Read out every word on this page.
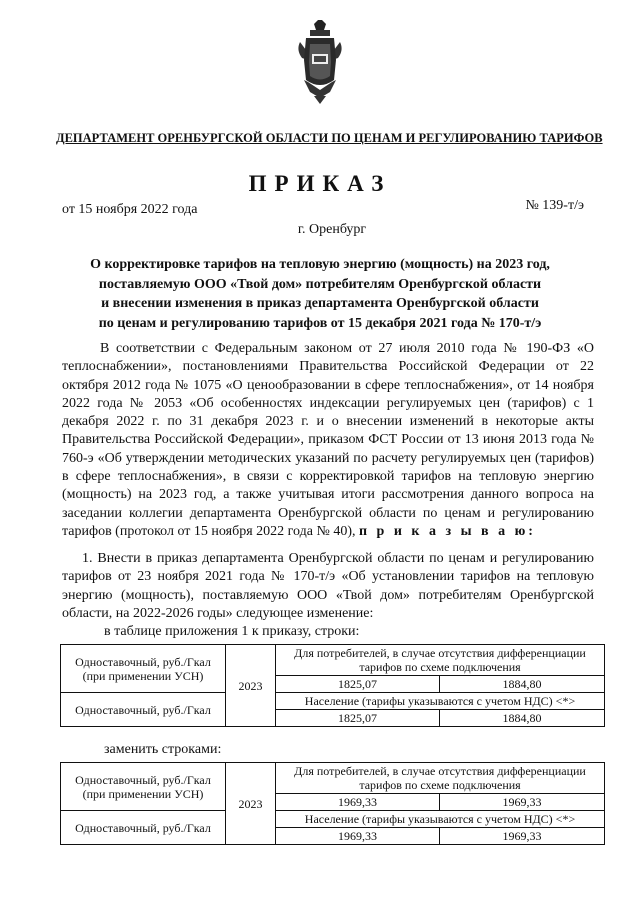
ДЕПАРТАМЕНТ ОРЕНБУРГСКОЙ ОБЛАСТИ ПО ЦЕНАМ И РЕГУЛИРОВАНИЮ ТАРИФОВ
ПРИКАЗ
от 15 ноября 2022 года	№ 139-т/э
г. Оренбург
О корректировке тарифов на тепловую энергию (мощность) на 2023 год,
поставляемую ООО «Твой дом» потребителям Оренбургской области
и внесении изменения в приказ департамента Оренбургской области
по ценам и регулированию тарифов от 15 декабря 2021 года № 170-т/э
В соответствии с Федеральным законом от 27 июля 2010 года № 190-ФЗ «О теплоснабжении», постановлениями Правительства Российской Федерации от 22 октября 2012 года № 1075 «О ценообразовании в сфере теплоснабжения», от 14 ноября 2022 года № 2053 «Об особенностях индексации регулируемых цен (тарифов) с 1 декабря 2022 г. по 31 декабря 2023 г. и о внесении изменений в некоторые акты Правительства Российской Федерации», приказом ФСТ России от 13 июня 2013 года № 760-э «Об утверждении методических указаний по расчету регулируемых цен (тарифов) в сфере теплоснабжения», в связи с корректировкой тарифов на тепловую энергию (мощность) на 2023 год, а также учитывая итоги рассмотрения данного вопроса на заседании коллегии департамента Оренбургской области по ценам и регулированию тарифов (протокол от 15 ноября 2022 года № 40), п р и к а з ы в а ю:
1. Внести в приказ департамента Оренбургской области по ценам и регулированию тарифов от 23 ноября 2021 года № 170-т/э «Об установлении тарифов на тепловую энергию (мощность), поставляемую ООО «Твой дом» потребителям Оренбургской области, на 2022-2026 годы» следующее изменение:
в таблице приложения 1 к приказу, строки:
Одноставочный, руб./Гкал (при применении УСН)	2023	Для потребителей, в случае отсутствия дифференциации тарифов по схеме подключения	
		1825,07	1884,80
Одноставочный, руб./Гкал		Население (тарифы указываются с учетом НДС) <*>	
		1825,07	1884,80
заменить строками:
Одноставочный, руб./Гкал (при применении УСН)	2023	Для потребителей, в случае отсутствия дифференциации тарифов по схеме подключения	
		1969,33	1969,33
Одноставочный, руб./Гкал		Население (тарифы указываются с учетом НДС) <*>	
		1969,33	1969,33
